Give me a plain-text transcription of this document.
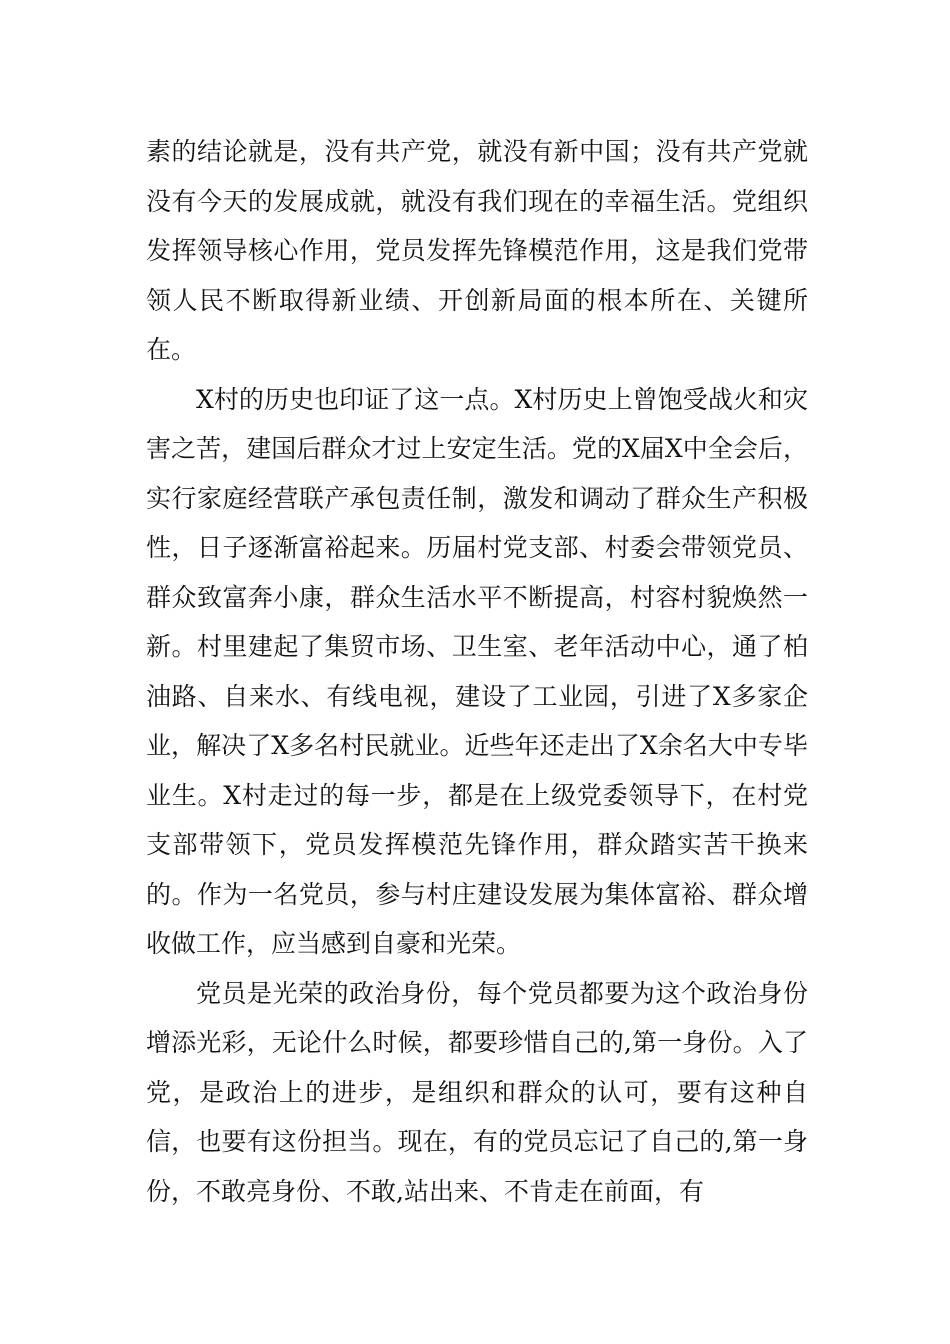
素的结论就是，没有共产党，就没有新中国；没有共产党就没有今天的发展成就，就没有我们现在的幸福生活。党组织发挥领导核心作用，党员发挥先锋模范作用，这是我们党带领人民不断取得新业绩、开创新局面的根本所在、关键所在。

X村的历史也印证了这一点。X村历史上曾饱受战火和灾害之苦，建国后群众才过上安定生活。党的X届X中全会后，实行家庭经营联产承包责任制，激发和调动了群众生产积极性，日子逐渐富裕起来。历届村党支部、村委会带领党员、群众致富奔小康，群众生活水平不断提高，村容村貌焕然一新。村里建起了集贸市场、卫生室、老年活动中心，通了柏油路、自来水、有线电视，建设了工业园，引进了X多家企业，解决了X多名村民就业。近些年还走出了X余名大中专毕业生。X村走过的每一步，都是在上级党委领导下，在村党支部带领下，党员发挥模范先锋作用，群众踏实苦干换来的。作为一名党员，参与村庄建设发展为集体富裕、群众增收做工作，应当感到自豪和光荣。

党员是光荣的政治身份，每个党员都要为这个政治身份增添光彩，无论什么时候，都要珍惜自己的,第一身份。入了党，是政治上的进步，是组织和群众的认可，要有这种自信，也要有这份担当。现在，有的党员忘记了自己的,第一身份，不敢亮身份、不敢,站出来、不肯走在前面，有
